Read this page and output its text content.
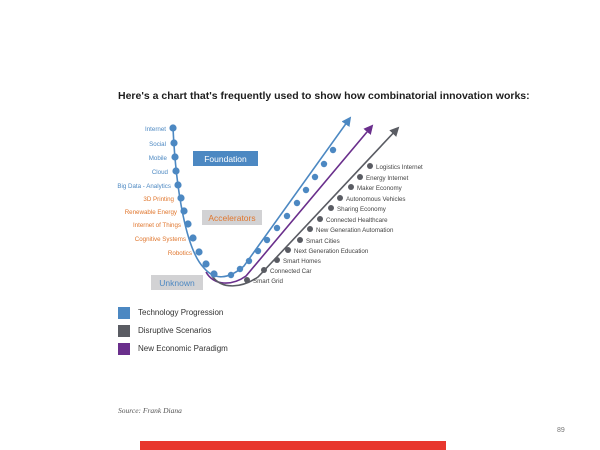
Here's a chart that's frequently used to show how combinatorial innovation works:
Internet
Social
Mobile
Cloud
Big Data - Analytics
3D Printing
Renewable Energy
Internet of Things
Cognitive Systems
Robotics
Logistics Internet
Energy Internet
Maker Economy
Autonomous Vehicles
Sharing Economy
Connected Healthcare
New Generation Automation
Smart Cities
Next Generation Education
Smart Homes
Connected Car
Smart Grid
Foundation
Accelerators
Unknown
Technology Progression
Disruptive Scenarios
New Economic Paradigm
Source: Frank Diana
89
